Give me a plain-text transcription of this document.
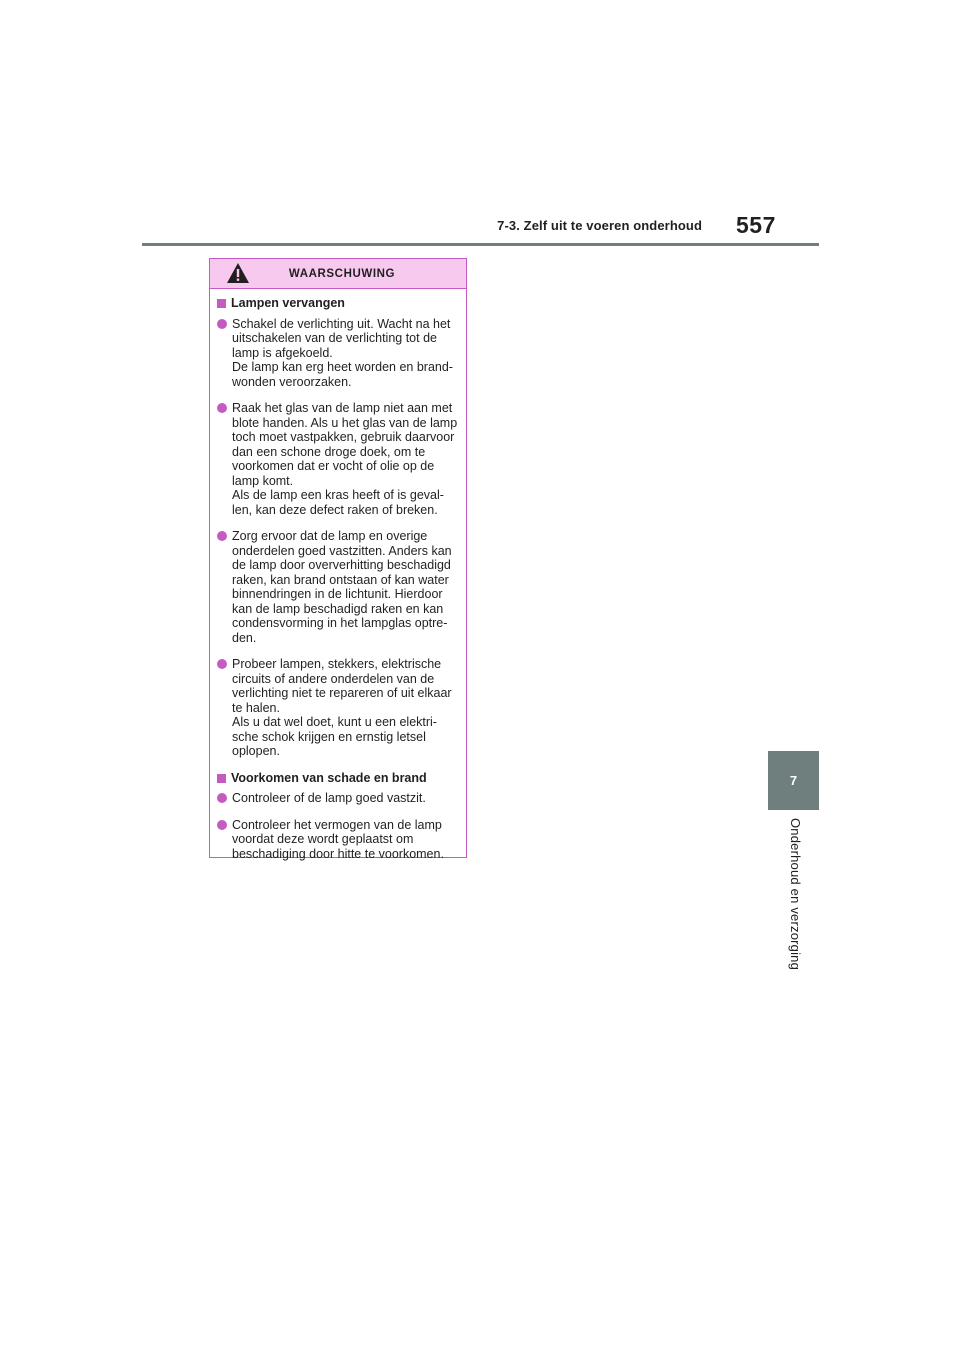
7-3. Zelf uit te voeren onderhoud 557
7
Onderhoud en verzorging
WAARSCHUWING
Lampen vervangen
Schakel de verlichting uit. Wacht na het uitschakelen van de verlichting tot de lamp is afgekoeld.
De lamp kan erg heet worden en brand-wonden veroorzaken.
Raak het glas van de lamp niet aan met blote handen. Als u het glas van de lamp toch moet vastpakken, gebruik daarvoor dan een schone droge doek, om te voorkomen dat er vocht of olie op de lamp komt.
Als de lamp een kras heeft of is geval-len, kan deze defect raken of breken.
Zorg ervoor dat de lamp en overige onderdelen goed vastzitten. Anders kan de lamp door oververhitting beschadigd raken, kan brand ontstaan of kan water binnendringen in de lichtunit. Hierdoor kan de lamp beschadigd raken en kan condensvorming in het lampglas optre-den.
Probeer lampen, stekkers, elektrische circuits of andere onderdelen van de verlichting niet te repareren of uit elkaar te halen.
Als u dat wel doet, kunt u een elektri-sche schok krijgen en ernstig letsel oplopen.
Voorkomen van schade en brand
Controleer of de lamp goed vastzit.
Controleer het vermogen van de lamp voordat deze wordt geplaatst om beschadiging door hitte te voorkomen.
